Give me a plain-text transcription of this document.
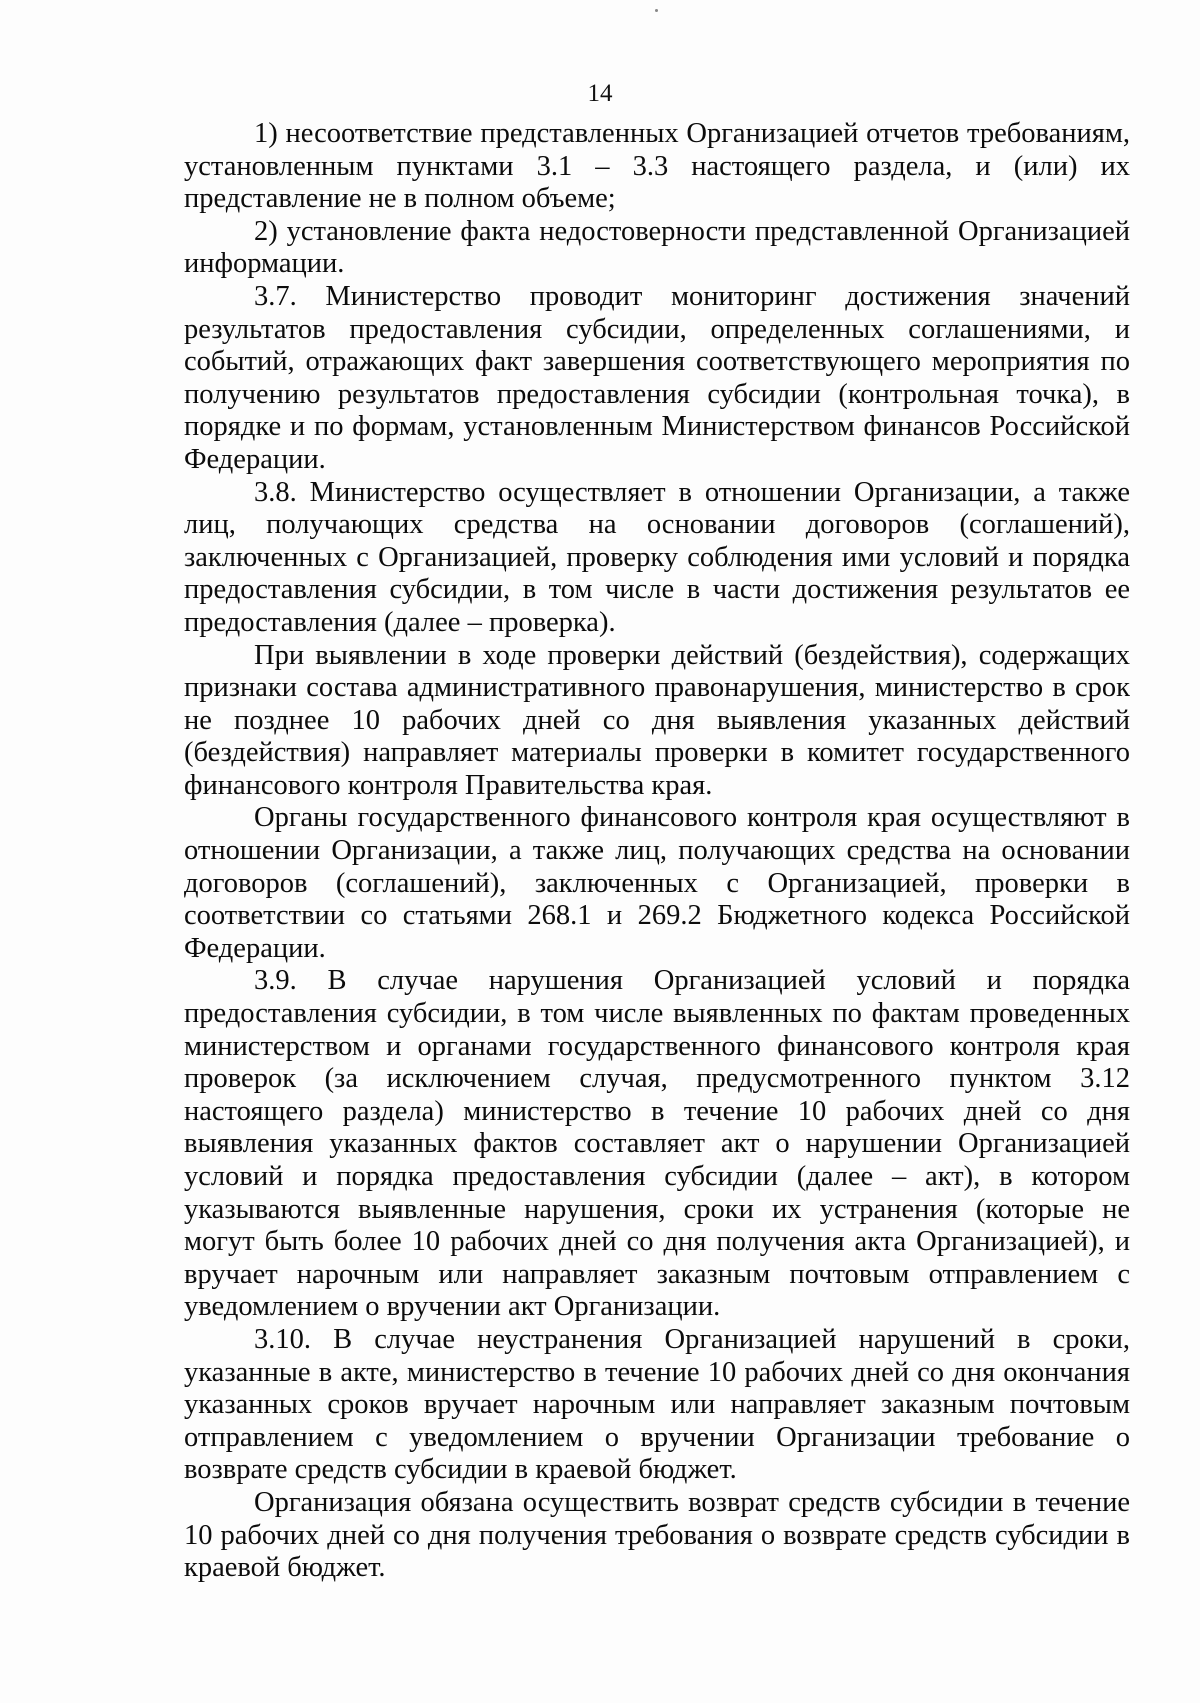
14

1) несоответствие представленных Организацией отчетов требованиям, установленным пунктами 3.1 – 3.3 настоящего раздела, и (или) их представление не в полном объеме;

2) установление факта недостоверности представленной Организацией информации.

3.7. Министерство проводит мониторинг достижения значений результатов предоставления субсидии, определенных соглашениями, и событий, отражающих факт завершения соответствующего мероприятия по получению результатов предоставления субсидии (контрольная точка), в порядке и по формам, установленным Министерством финансов Российской Федерации.

3.8. Министерство осуществляет в отношении Организации, а также лиц, получающих средства на основании договоров (соглашений), заключенных с Организацией, проверку соблюдения ими условий и порядка предоставления субсидии, в том числе в части достижения результатов ее предоставления (далее – проверка).

При выявлении в ходе проверки действий (бездействия), содержащих признаки состава административного правонарушения, министерство в срок не позднее 10 рабочих дней со дня выявления указанных действий (бездействия) направляет материалы проверки в комитет государственного финансового контроля Правительства края.

Органы государственного финансового контроля края осуществляют в отношении Организации, а также лиц, получающих средства на основании договоров (соглашений), заключенных с Организацией, проверки в соответствии со статьями 268.1 и 269.2 Бюджетного кодекса Российской Федерации.

3.9. В случае нарушения Организацией условий и порядка предоставления субсидии, в том числе выявленных по фактам проведенных министерством и органами государственного финансового контроля края проверок (за исключением случая, предусмотренного пунктом 3.12 настоящего раздела) министерство в течение 10 рабочих дней со дня выявления указанных фактов составляет акт о нарушении Организацией условий и порядка предоставления субсидии (далее – акт), в котором указываются выявленные нарушения, сроки их устранения (которые не могут быть более 10 рабочих дней со дня получения акта Организацией), и вручает нарочным или направляет заказным почтовым отправлением с уведомлением о вручении акт Организации.

3.10. В случае неустранения Организацией нарушений в сроки, указанные в акте, министерство в течение 10 рабочих дней со дня окончания указанных сроков вручает нарочным или направляет заказным почтовым отправлением с уведомлением о вручении Организации требование о возврате средств субсидии в краевой бюджет.

Организация обязана осуществить возврат средств субсидии в течение 10 рабочих дней со дня получения требования о возврате средств субсидии в краевой бюджет.
